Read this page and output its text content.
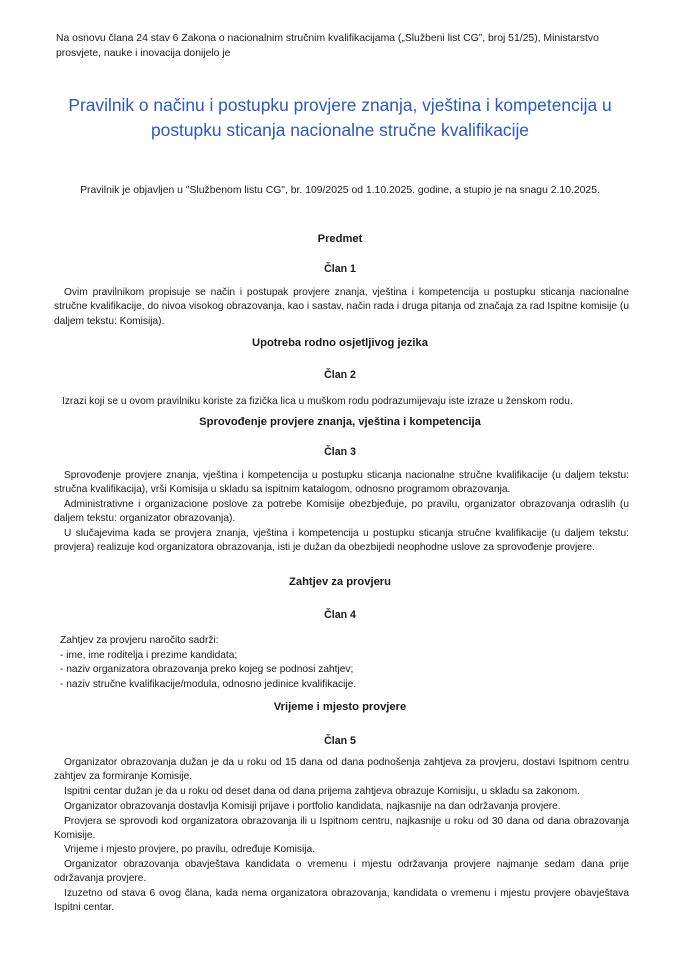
Na osnovu člana 24 stav 6 Zakona o nacionalnim stručnim kvalifikacijama („Službeni list CG”, broj 51/25), Ministarstvo prosvjete, nauke i inovacija donijelo je
Pravilnik o načinu i postupku provjere znanja, vještina i kompetencija u postupku sticanja nacionalne stručne kvalifikacije
Pravilnik je objavljen u "Službenom listu CG", br. 109/2025 od 1.10.2025. godine, a stupio je na snagu 2.10.2025.
Predmet
Član 1
Ovim pravilnikom propisuje se način i postupak provjere znanja, vještina i kompetencija u postupku sticanja nacionalne stručne kvalifikacije, do nivoa visokog obrazovanja, kao i sastav, način rada i druga pitanja od značaja za rad Ispitne komisije (u daljem tekstu: Komisija).
Upotreba rodno osjetljivog jezika
Član 2
Izrazi koji se u ovom pravilniku koriste za fizička lica u muškom rodu podrazumijevaju iste izraze u ženskom rodu.
Sprovođenje provjere znanja, vještina i kompetencija
Član 3
Sprovođenje provjere znanja, vještina i kompetencija u postupku sticanja nacionalne stručne kvalifikacije (u daljem tekstu: stručna kvalifikacija), vrši Komisija u skladu sa ispitnim katalogom, odnosno programom obrazovanja.
Administrativne i organizacione poslove za potrebe Komisije obezbjeđuje, po pravilu, organizator obrazovanja odraslih (u daljem tekstu: organizator obrazovanja).
U slučajevima kada se provjera znanja, vještina i kompetencija u postupku sticanja stručne kvalifikacije (u daljem tekstu: provjera) realizuje kod organizatora obrazovanja, isti je dužan da obezbijedi neophodne uslove za sprovođenje provjere.
Zahtjev za provjeru
Član 4
Zahtjev za provjeru naročito sadrži:
- ime, ime roditelja i prezime kandidata;
- naziv organizatora obrazovanja preko kojeg se podnosi zahtjev;
- naziv stručne kvalifikacije/modula, odnosno jedinice kvalifikacije.
Vrijeme i mjesto provjere
Član 5
Organizator obrazovanja dužan je da u roku od 15 dana od dana podnošenja zahtjeva za provjeru, dostavi Ispitnom centru zahtjev za formiranje Komisije.
Ispitni centar dužan je da u roku od deset dana od dana prijema zahtjeva obrazuje Komisiju, u skladu sa zakonom.
Organizator obrazovanja dostavlja Komisiji prijave i portfolio kandidata, najkasnije na dan održavanja provjere.
Provjera se sprovodi kod organizatora obrazovanja ili u Ispitnom centru, najkasnije u roku od 30 dana od dana obrazovanja Komisije.
Vrijeme i mjesto provjere, po pravilu, određuje Komisija.
Organizator obrazovanja obavještava kandidata o vremenu i mjestu održavanja provjere najmanje sedam dana prije održavanja provjere.
Izuzetno od stava 6 ovog člana, kada nema organizatora obrazovanja, kandidata o vremenu i mjestu provjere obavještava Ispitni centar.
